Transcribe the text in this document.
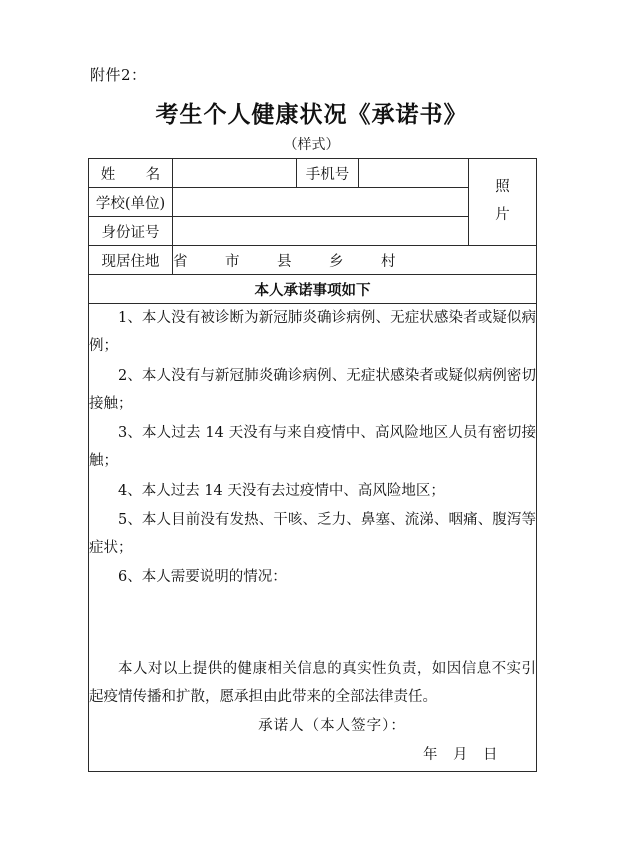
附件2：
考生个人健康状况《承诺书》
（样式）
姓　名		手机号		照
片

学校(单位)				
身份证号				
现居住地	省 市 县 乡 村			
本人承诺事项如下				

1、本人没有被诊断为新冠肺炎确诊病例、无症状感染者或疑似病例；

2、本人没有与新冠肺炎确诊病例、无症状感染者或疑似病例密切接触；

3、本人过去 14 天没有与来自疫情中、高风险地区人员有密切接触；

4、本人过去 14 天没有去过疫情中、高风险地区；

5、本人目前没有发热、干咳、乏力、鼻塞、流涕、咽痛、腹泻等症状；

6、本人需要说明的情况：

本人对以上提供的健康相关信息的真实性负责，如因信息不实引起疫情传播和扩散，愿承担由此带来的全部法律责任。

承诺人（本人签字）：

年 月 日
